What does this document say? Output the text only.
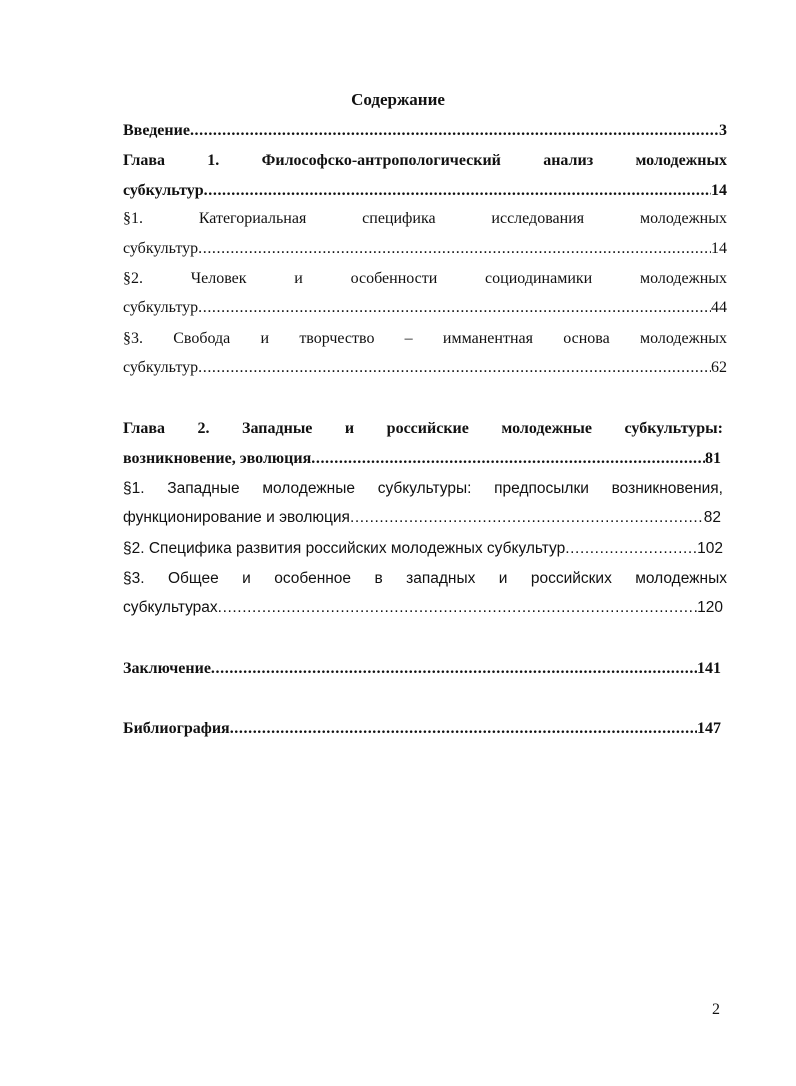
Содержание
Введение .....	3
Глава 1. Философско-антропологический анализ молодежных
субкультур .....	14
§1. Категориальная специфика исследования молодежных
субкультур .....	14
§2. Человек и особенности социодинамики молодежных
субкультур .....	44
§3. Свобода и творчество – имманентная основа молодежных
субкультур .....	62
Глава 2. Западные и российские молодежные субкультуры:
возникновение, эволюция .....	81
§1. Западные молодежные субкультуры: предпосылки возникновения,
функционирование и эволюция .....	82
§2. Специфика развития российских молодежных субкультур .....	102
§3. Общее и особенное в западных и российских молодежных
субкультурах .....	120
Заключение .....	141
Библиография .....	147
2
